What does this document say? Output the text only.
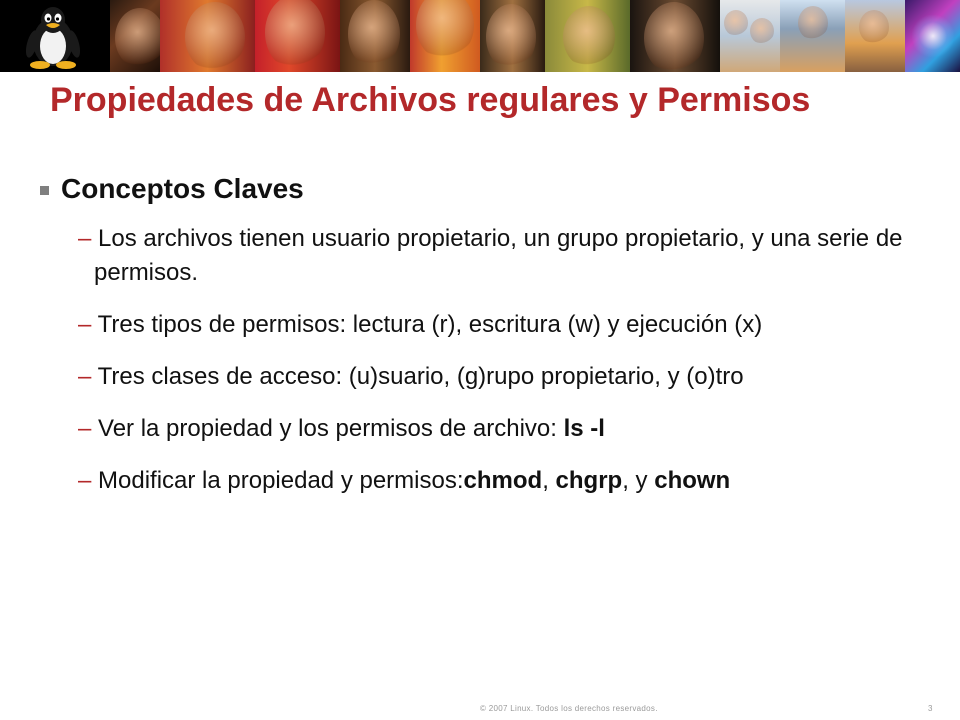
Propiedades de Archivos regulares y Permisos
Conceptos Claves
– Los archivos tienen usuario propietario, un grupo propietario, y una serie de permisos.
– Tres tipos de permisos: lectura (r), escritura (w) y ejecución (x)
– Tres clases de acceso: (u)suario, (g)rupo propietario, y (o)tro
– Ver la propiedad y los permisos de archivo: ls -l
– Modificar la propiedad y permisos:chmod, chgrp, y chown
© 2007 Linux. Todos los derechos reservados.	3
